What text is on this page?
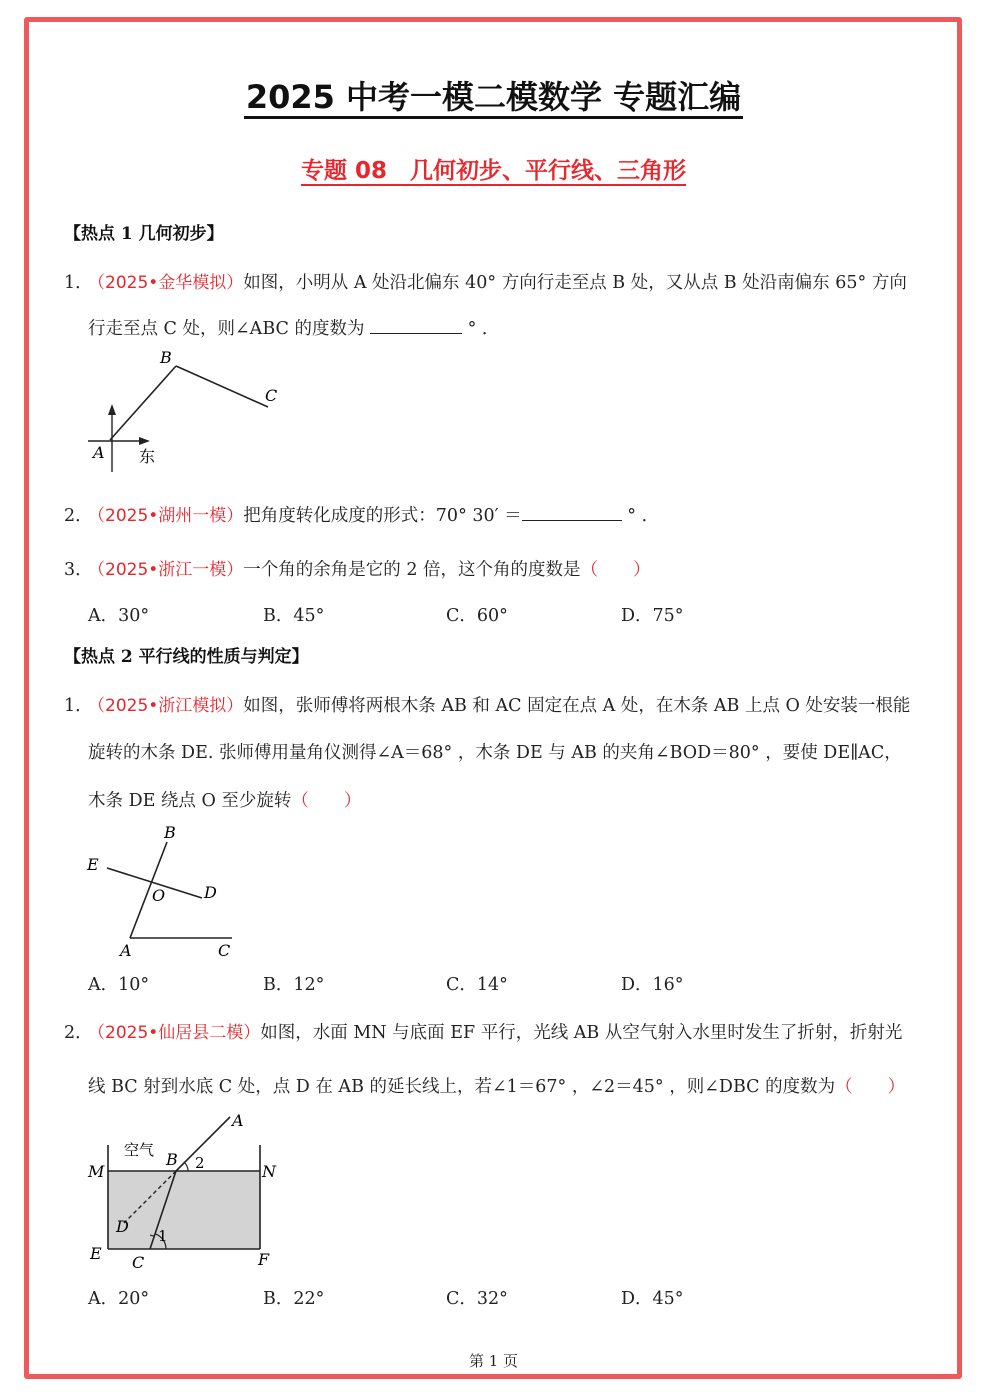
2025 中考一模二模数学 专题汇编
专题 08　几何初步、平行线、三角形
【热点 1 几何初步】
1．（2025•金华模拟）如图，小明从 A 处沿北偏东 40° 方向行走至点 B 处，又从点 B 处沿南偏东 65° 方向
行走至点 C 处，则∠ABC 的度数为	° ．
B
C
A 东
2．（2025•湖州一模）把角度转化成度的形式：70° 30′ ＝	° ．
3．（2025•浙江一模）一个角的余角是它的 2 倍，这个角的度数是（　　）
A．30°	B．45°	C．60°	D．75°
【热点 2 平行线的性质与判定】
1．（2025•浙江模拟）如图，张师傅将两根木条 AB 和 AC 固定在点 A 处，在木条 AB 上点 O 处安装一根能
旋转的木条 DE. 张师傅用量角仪测得∠A＝68° ，木条 DE 与 AB 的夹角∠BOD＝80° ，要使 DE∥AC，
木条 DE 绕点 O 至少旋转（　　）
B
E
O D
A	C
A．10°	B．12°	C．14°	D．16°
2．（2025•仙居县二模）如图，水面 MN 与底面 EF 平行，光线 AB 从空气射入水里时发生了折射，折射光
线 BC 射到水底 C 处，点 D 在 AB 的延长线上，若∠1＝67° ，∠2＝45° ，则∠DBC 的度数为（　　）
A
空气 B 2
M	N
D 1
E C	F
A．20°	B．22°	C．32°	D．45°
第 1 页
